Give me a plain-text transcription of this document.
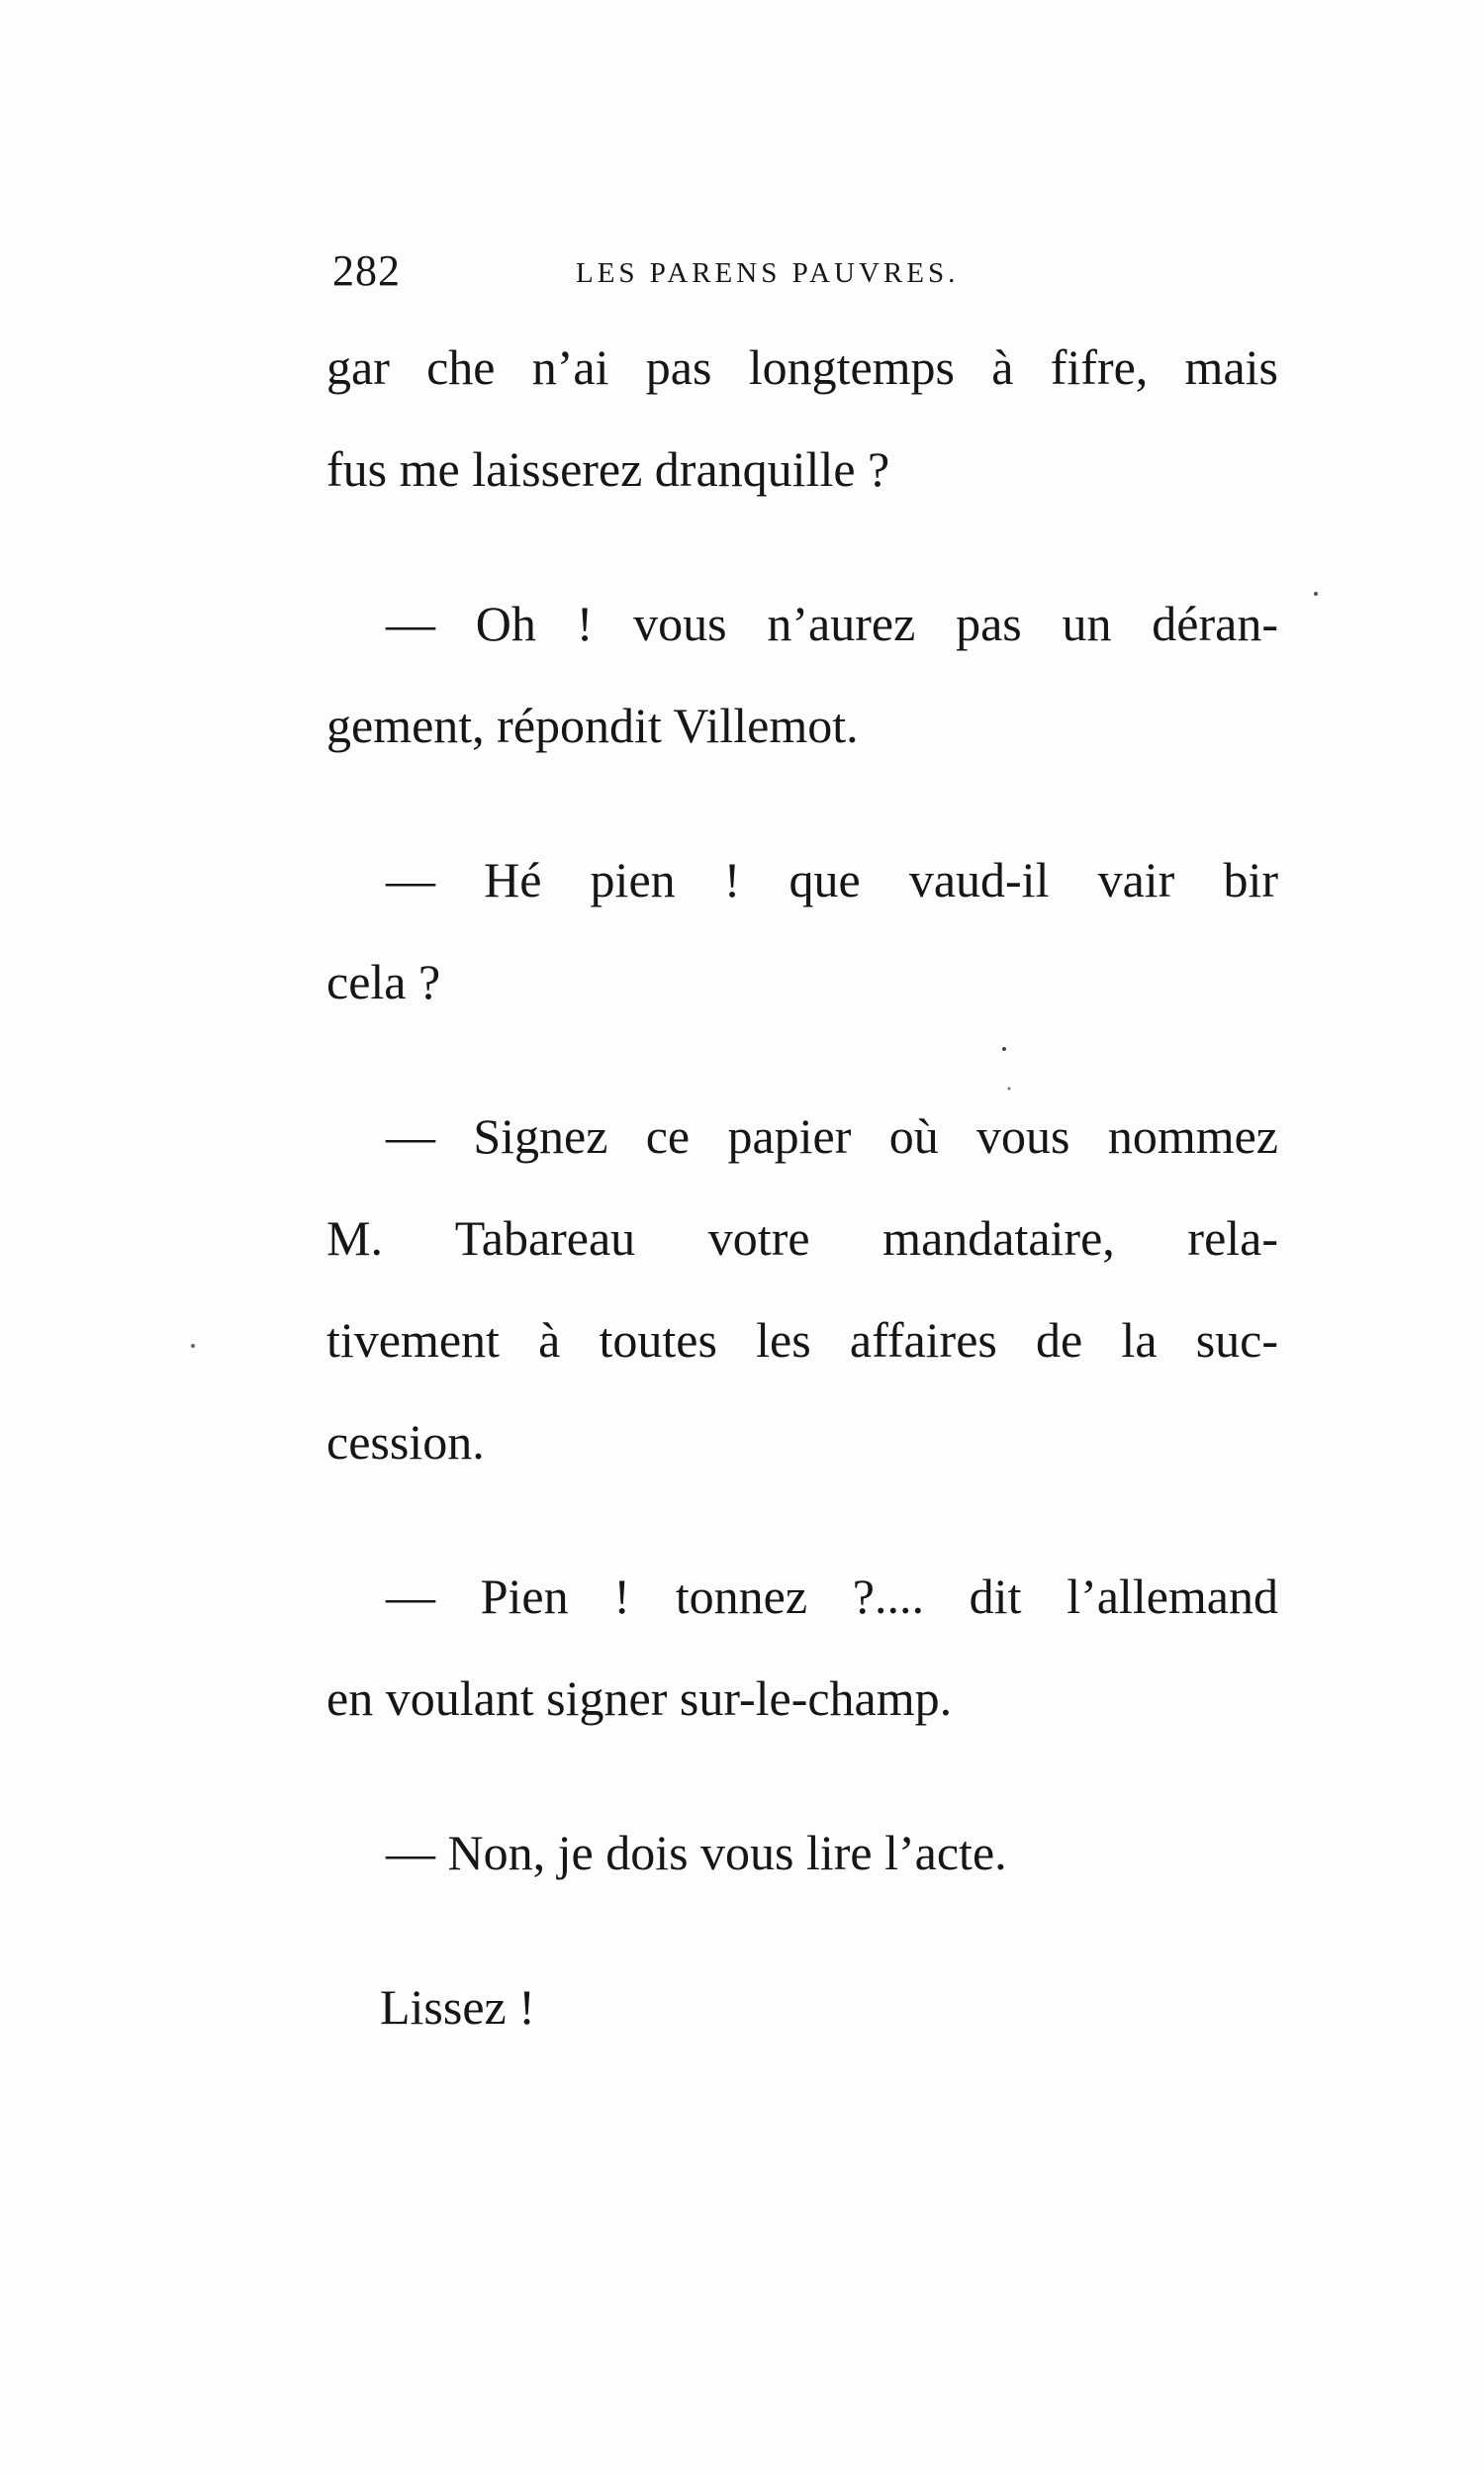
282	LES PARENS PAUVRES.
gar che n’ai pas longtemps à fifre, mais
fus me laisserez dranquille ?
— Oh ! vous n’aurez pas un déran-
gement, répondit Villemot.
— Hé pien ! que vaud-il vair bir
cela ?
— Signez ce papier où vous nommez
M. Tabareau votre mandataire, rela-
tivement à toutes les affaires de la suc-
cession.
— Pien ! tonnez ?.... dit l’allemand
en voulant signer sur-le-champ.
— Non, je dois vous lire l’acte.
Lissez !
